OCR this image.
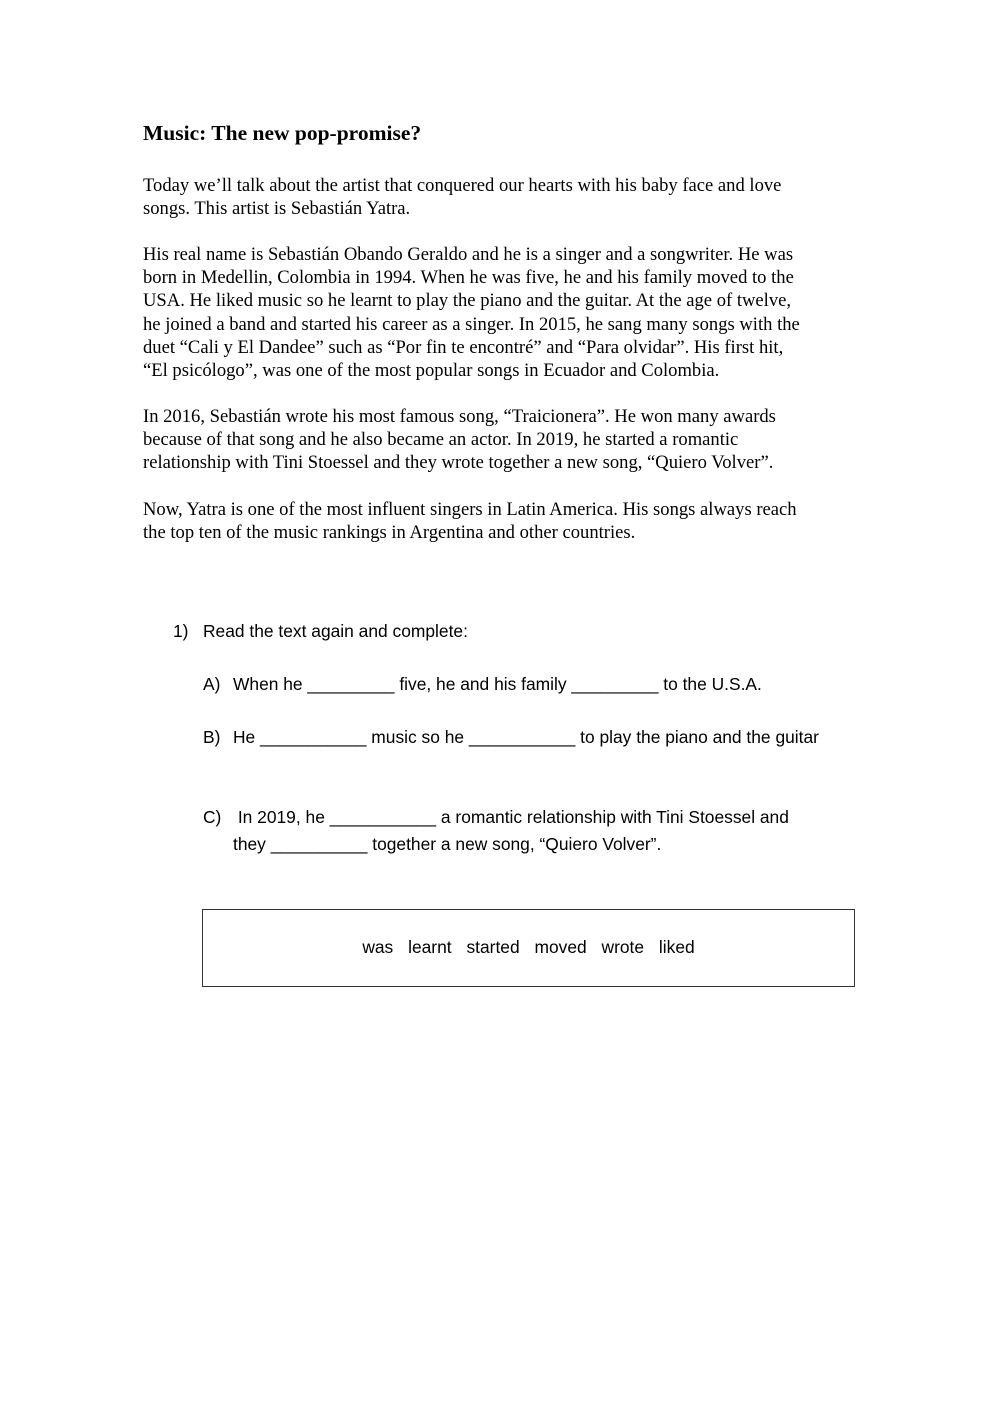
Music: The new pop-promise?
Today we’ll talk about the artist that conquered our hearts with his baby face and love
songs. This artist is Sebastián Yatra.
His real name is Sebastián Obando Geraldo and he is a singer and a songwriter. He was
born in Medellin, Colombia in 1994. When he was five, he and his family moved to the
USA. He liked music so he learnt to play the piano and the guitar. At the age of twelve,
he joined a band and started his career as a singer. In 2015, he sang many songs with the
duet “Cali y El Dandee” such as “Por fin te encontré” and “Para olvidar”. His first hit,
“El psicólogo”, was one of the most popular songs in Ecuador and Colombia.
In 2016, Sebastián wrote his most famous song, “Traicionera”. He won many awards
because of that song and he also became an actor. In 2019, he started a romantic
relationship with Tini Stoessel and they wrote together a new song, “Quiero Volver”.
Now, Yatra is one of the most influent singers in Latin America. His songs always reach
the top ten of the music rankings in Argentina and other countries.
1) Read the text again and complete:
A) When he _________ five, he and his family _________ to the U.S.A.
B) He ___________ music so he ___________ to play the piano and the guitar
C) In 2019, he ___________ a romantic relationship with Tini Stoessel and
they __________ together a new song, “Quiero Volver”.
was learnt started moved wrote liked
